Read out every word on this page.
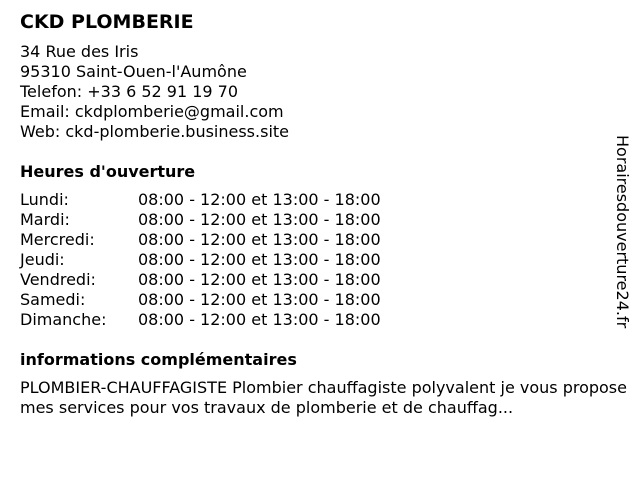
CKD PLOMBERIE
34 Rue des Iris
95310 Saint-Ouen-l'Aumône
Telefon: +33 6 52 91 19 70
Email: ckdplomberie@gmail.com
Web: ckd-plomberie.business.site
Heures d'ouverture
Lundi:	08:00 - 12:00 et 13:00 - 18:00
Mardi:	08:00 - 12:00 et 13:00 - 18:00
Mercredi:	08:00 - 12:00 et 13:00 - 18:00
Jeudi:	08:00 - 12:00 et 13:00 - 18:00
Vendredi:	08:00 - 12:00 et 13:00 - 18:00
Samedi:	08:00 - 12:00 et 13:00 - 18:00
Dimanche:	08:00 - 12:00 et 13:00 - 18:00
informations complémentaires
PLOMBIER-CHAUFFAGISTE Plombier chauffagiste polyvalent je vous propose mes services pour vos travaux de plomberie et de chauffag...
Horairesdouverture24.fr
